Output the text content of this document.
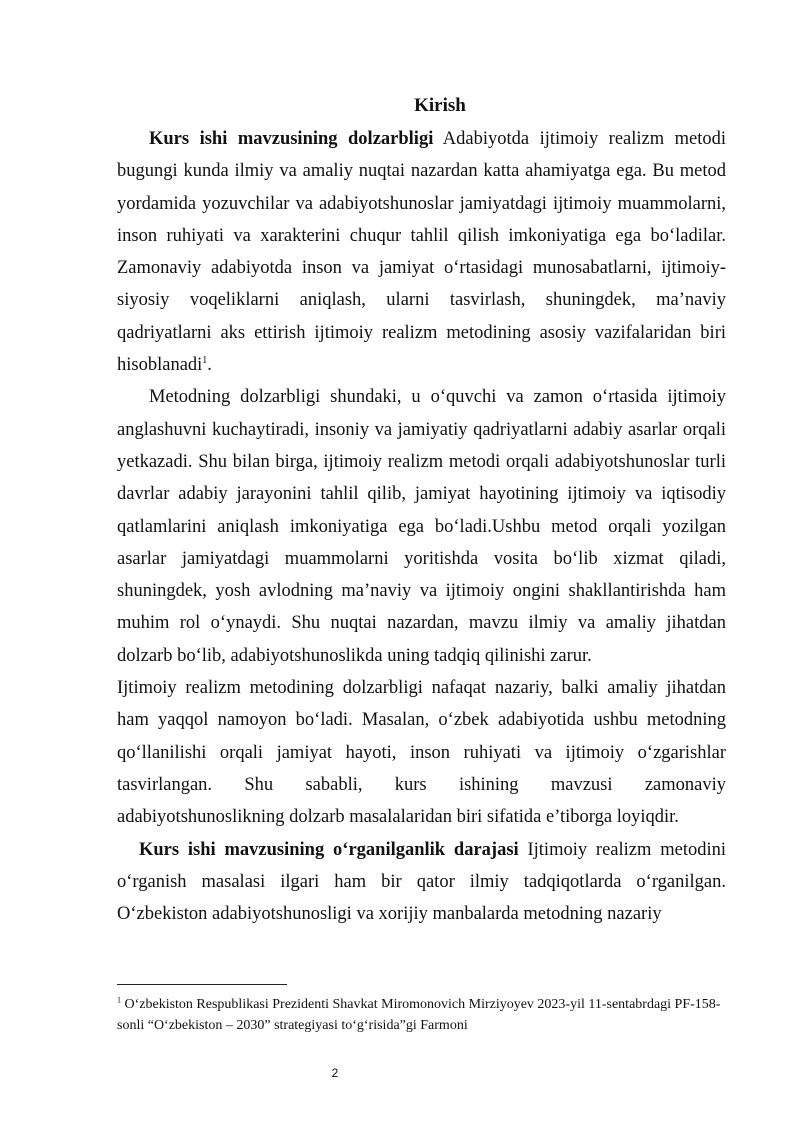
Kirish

Kurs ishi mavzusining dolzarbligi Adabiyotda ijtimoiy realizm metodi bugungi kunda ilmiy va amaliy nuqtai nazardan katta ahamiyatga ega. Bu metod yordamida yozuvchilar va adabiyotshunoslar jamiyatdagi ijtimoiy muammolarni, inson ruhiyati va xarakterini chuqur tahlil qilish imkoniyatiga ega bo‘ladilar. Zamonaviy adabiyotda inson va jamiyat o‘rtasidagi munosabatlarni, ijtimoiy-siyosiy voqeliklarni aniqlash, ularni tasvirlash, shuningdek, ma’naviy qadriyatlarni aks ettirish ijtimoiy realizm metodining asosiy vazifalaridan biri hisoblanadi$^1$.

Metodning dolzarbligi shundaki, u o‘quvchi va zamon o‘rtasida ijtimoiy anglashuvni kuchaytiradi, insoniy va jamiyatiy qadriyatlarni adabiy asarlar orqali yetkazadi. Shu bilan birga, ijtimoiy realizm metodi orqali adabiyotshunoslar turli davrlar adabiy jarayonini tahlil qilib, jamiyat hayotining ijtimoiy va iqtisodiy qatlamlarini aniqlash imkoniyatiga ega bo‘ladi.Ushbu metod orqali yozilgan asarlar jamiyatdagi muammolarni yoritishda vosita bo‘lib xizmat qiladi, shuningdek, yosh avlodning ma’naviy va ijtimoiy ongini shakllantirishda ham muhim rol o‘ynaydi. Shu nuqtai nazardan, mavzu ilmiy va amaliy jihatdan dolzarb bo‘lib, adabiyotshunoslikda uning tadqiq qilinishi zarur.

Ijtimoiy realizm metodining dolzarbligi nafaqat nazariy, balki amaliy jihatdan ham yaqqol namoyon bo‘ladi. Masalan, o‘zbek adabiyotida ushbu metodning qo‘llanilishi orqali jamiyat hayoti, inson ruhiyati va ijtimoiy o‘zgarishlar tasvirlangan. Shu sababli, kurs ishining mavzusi zamonaviy adabiyotshunoslikning dolzarb masalalaridan biri sifatida e’tiborga loyiqdir.

Kurs ishi mavzusining o‘rganilganlik darajasi Ijtimoiy realizm metodini o‘rganish masalasi ilgari ham bir qator ilmiy tadqiqotlarda o‘rganilgan. O‘zbekiston adabiyotshunosligi va xorijiy manbalarda metodning nazariy

$^1$ O‘zbekiston Respublikasi Prezidenti Shavkat Miromonovich Mirziyoyev 2023-yil 11-sentabrdagi PF-158-sonli “O‘zbekiston – 2030” strategiyasi to‘g‘risida”gi Farmoni
2
